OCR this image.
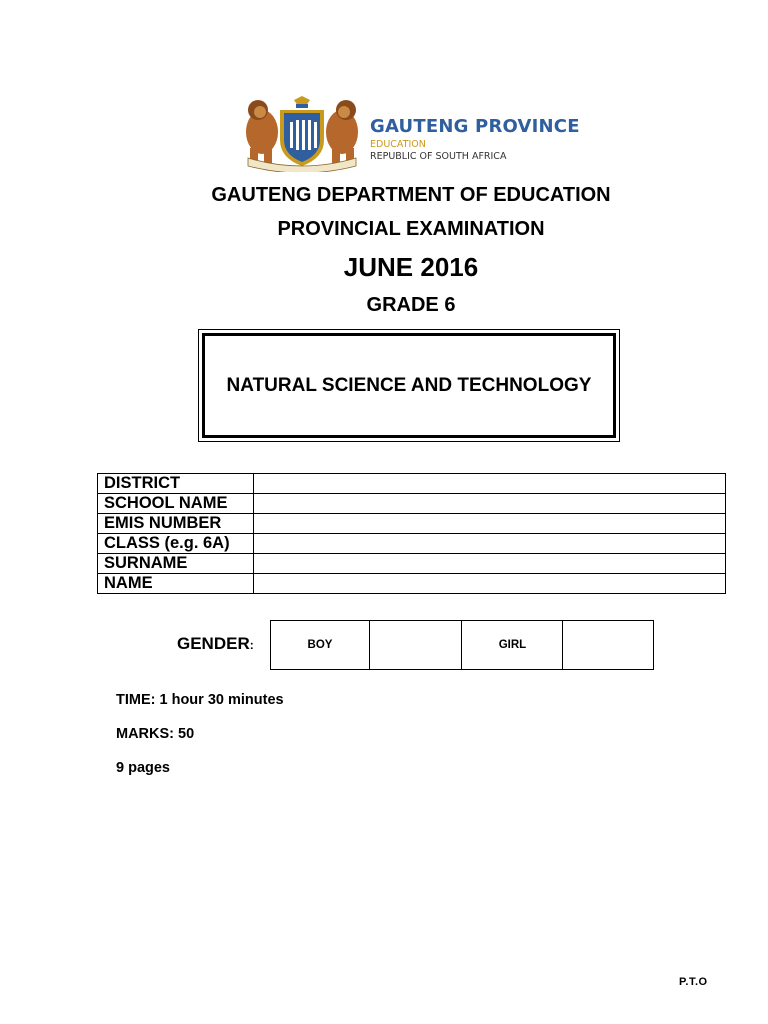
GAUTENG PROVINCE
EDUCATION
REPUBLIC OF SOUTH AFRICA
GAUTENG DEPARTMENT OF EDUCATION
PROVINCIAL EXAMINATION
JUNE 2016
GRADE 6
NATURAL SCIENCE AND TECHNOLOGY
DISTRICT	
SCHOOL NAME	
EMIS NUMBER	
CLASS (e.g. 6A)	
SURNAME	
NAME	
GENDER:	BOY		GIRL	
TIME: 1 hour 30 minutes
MARKS: 50
9 pages
P.T.O
